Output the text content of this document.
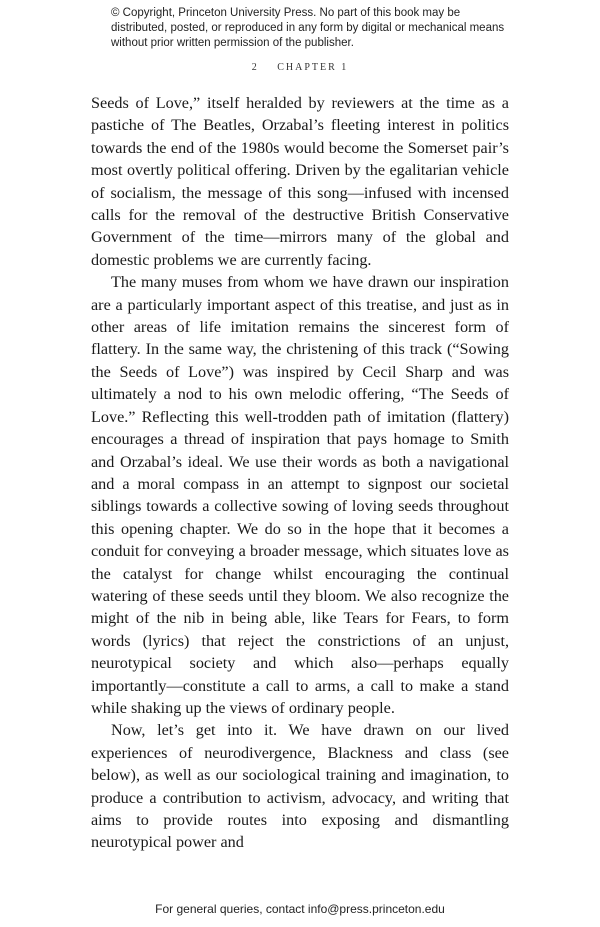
© Copyright, Princeton University Press. No part of this book may be distributed, posted, or reproduced in any form by digital or mechanical means without prior written permission of the publisher.
2 CHAPTER 1

Seeds of Love,” itself heralded by reviewers at the time as a pastiche of The Beatles, Orzabal’s fleeting interest in politics towards the end of the 1980s would become the Somerset pair’s most overtly political offering. Driven by the egalitarian vehicle of socialism, the message of this song—infused with incensed calls for the removal of the destructive British Conservative Government of the time—mirrors many of the global and domestic problems we are currently facing.

The many muses from whom we have drawn our inspiration are a particularly important aspect of this treatise, and just as in other areas of life imitation remains the sincerest form of flattery. In the same way, the christening of this track (“Sowing the Seeds of Love”) was inspired by Cecil Sharp and was ultimately a nod to his own melodic offering, “The Seeds of Love.” Reflecting this well-trodden path of imitation (flattery) encourages a thread of inspiration that pays homage to Smith and Orzabal’s ideal. We use their words as both a navigational and a moral compass in an attempt to signpost our societal siblings towards a collective sowing of loving seeds throughout this opening chapter. We do so in the hope that it becomes a conduit for conveying a broader message, which situates love as the catalyst for change whilst encouraging the continual watering of these seeds until they bloom. We also recognize the might of the nib in being able, like Tears for Fears, to form words (lyrics) that reject the constrictions of an unjust, neurotypical society and which also—perhaps equally importantly—constitute a call to arms, a call to make a stand while shaking up the views of ordinary people.

Now, let’s get into it. We have drawn on our lived experiences of neurodivergence, Blackness and class (see below), as well as our sociological training and imagination, to produce a contribution to activism, advocacy, and writing that aims to provide routes into exposing and dismantling neurotypical power and

For general queries, contact info@press.princeton.edu
